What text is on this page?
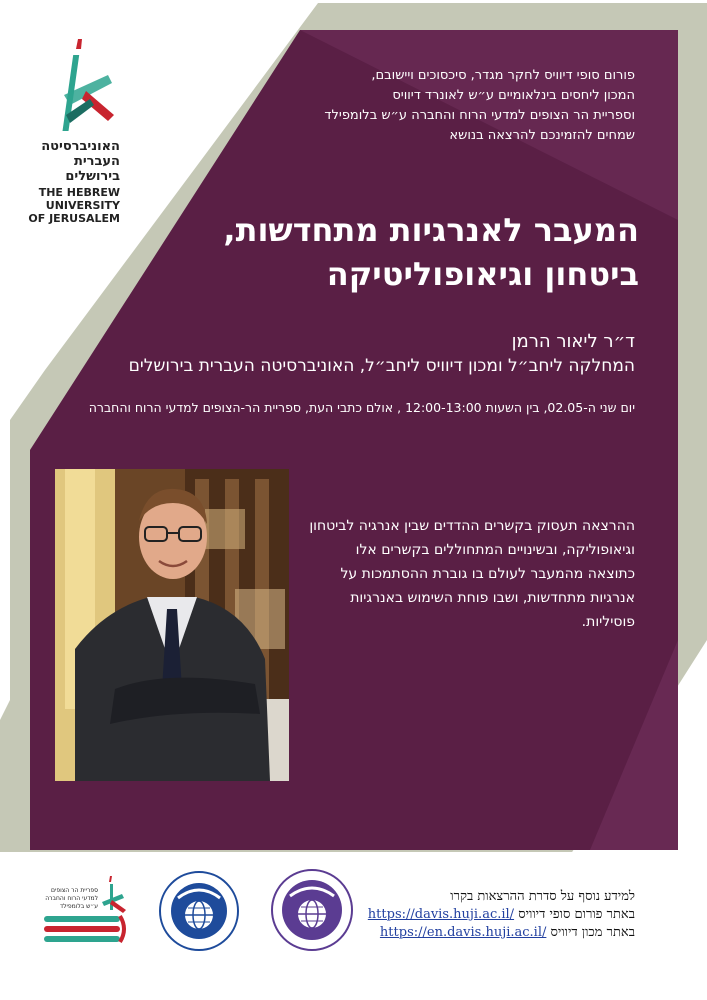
האוניברסיטה
העברית
בירושלים
THE HEBREW
UNIVERSITY
OF JERUSALEM
פורום סופי דיוויס לחקר מגדר, סיכסוכים ויישובם,
המכון ליחסים בינלאומיים ע״ש לאונרד דיוויס
וספריית הר הצופים למדעי הרוח והחברה ע״ש בלומפילד
שמחים להזמינכם להרצאה בנושא
המעבר לאנרגיות מתחדשות,
ביטחון וגיאופוליטיקה
ד״ר ליאור הרמן
המחלקה ליחב״ל ומכון דיוויס ליחב״ל, האוניברסיטה העברית בירושלים
יום שני ה-02.05, בין השעות 12:00-13:00 , אולם כתבי העת, ספריית הר-הצופים למדעי הרוח והחברה
ההרצאה תעסוק בקשרים ההדדים שבין אנרגיה לביטחון וגיאופוליקה, ובשינויים המתחוללים בקשרים אלו כתוצאה מהמעבר לעולם בו גוברת ההסתמכות על אנרגיות מתחדשות, ושבו פוחת השימוש באנרגיות פוסיליות.
ספריית הר הצופים
למדעי הרוח והחברה
ע״ש בלומפילד
למידע נוסף על סדרת ההרצאות בקרו
באתר פורום סופי דיוויס https://davis.huji.ac.il/
באתר מכון דיוויס https://en.davis.huji.ac.il/
